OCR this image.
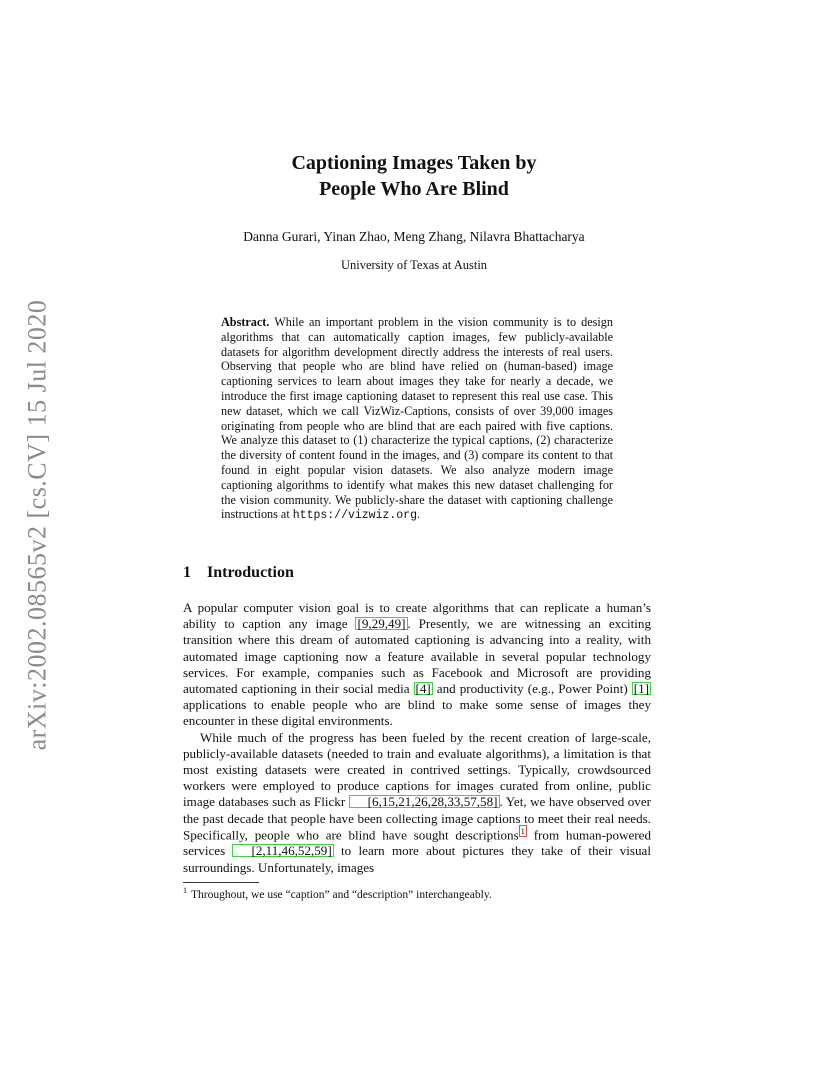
arXiv:2002.08565v2 [cs.CV] 15 Jul 2020
Captioning Images Taken by
People Who Are Blind
Danna Gurari, Yinan Zhao, Meng Zhang, Nilavra Bhattacharya
University of Texas at Austin
Abstract. While an important problem in the vision community is to design algorithms that can automatically caption images, few publicly-available datasets for algorithm development directly address the interests of real users. Observing that people who are blind have relied on (human-based) image captioning services to learn about images they take for nearly a decade, we introduce the first image captioning dataset to represent this real use case. This new dataset, which we call VizWiz-Captions, consists of over 39,000 images originating from people who are blind that are each paired with five captions. We analyze this dataset to (1) characterize the typical captions, (2) characterize the diversity of content found in the images, and (3) compare its content to that found in eight popular vision datasets. We also analyze modern image captioning algorithms to identify what makes this new dataset challenging for the vision community. We publicly-share the dataset with captioning challenge instructions at https://vizwiz.org.
1 Introduction

A popular computer vision goal is to create algorithms that can replicate a human’s ability to caption any image [9,29,49] . Presently, we are witnessing an exciting transition where this dream of automated captioning is advancing into a reality, with automated image captioning now a feature available in several popular technology services. For example, companies such as Facebook and Microsoft are providing automated captioning in their social media [4] and productivity (e.g., Power Point) [1] applications to enable people who are blind to make some sense of images they encounter in these digital environments.

While much of the progress has been fueled by the recent creation of large-scale, publicly-available datasets (needed to train and evaluate algorithms), a limitation is that most existing datasets were created in contrived settings. Typically, crowdsourced workers were employed to produce captions for images curated from online, public image databases such as Flickr [6,15,21,26,28,33,57,58] . Yet, we have observed over the past decade that people have been collecting image captions to meet their real needs. Specifically, people who are blind have sought descriptions $^1$ from human-powered services [2,11,46,52,59] to learn more about pictures they take of their visual surroundings. Unfortunately, images

$^1$ Throughout, we use “caption” and “description” interchangeably.
